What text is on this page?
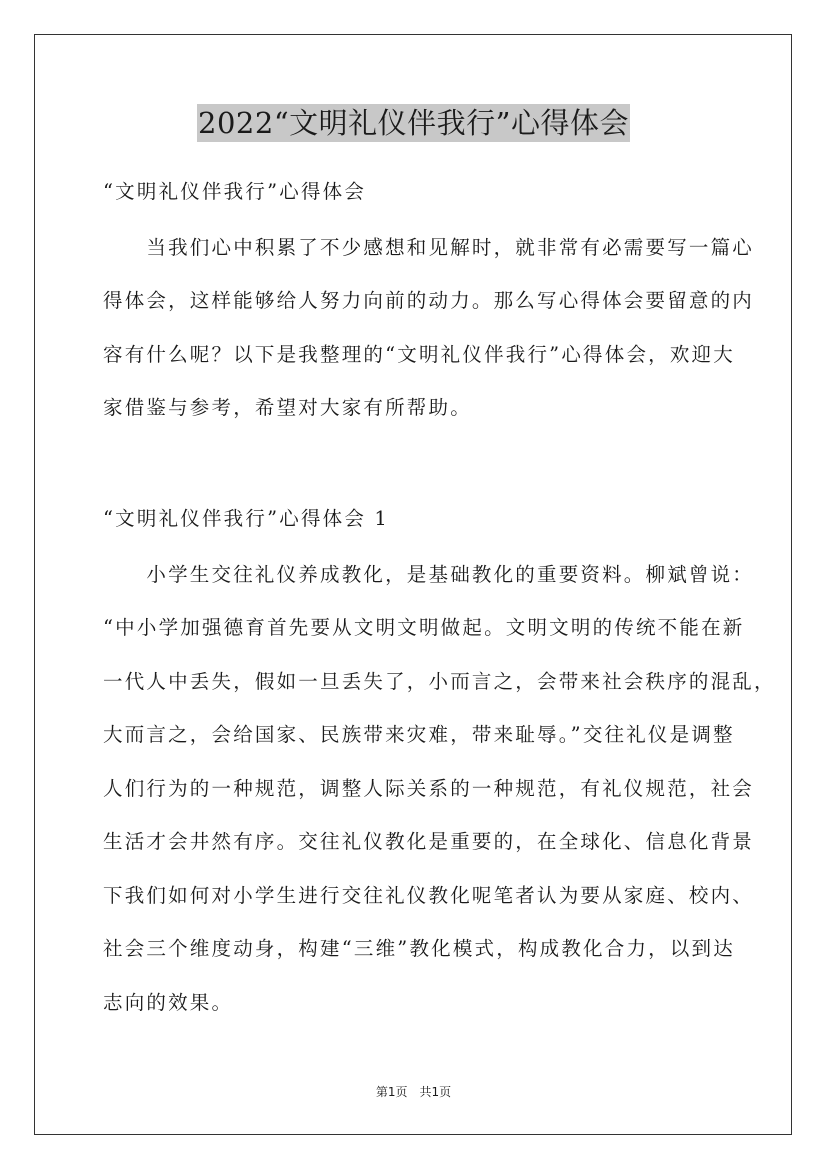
2022“文明礼仪伴我行”心得体会
“文明礼仪伴我行”心得体会
　　当我们心中积累了不少感想和见解时，就非常有必需要写一篇心
得体会，这样能够给人努力向前的动力。那么写心得体会要留意的内
容有什么呢？以下是我整理的“文明礼仪伴我行”心得体会，欢迎大
家借鉴与参考，希望对大家有所帮助。
“文明礼仪伴我行”心得体会 1
　　小学生交往礼仪养成教化，是基础教化的重要资料。柳斌曾说：
“中小学加强德育首先要从文明文明做起。文明文明的传统不能在新
一代人中丢失，假如一旦丢失了，小而言之，会带来社会秩序的混乱，
大而言之，会给国家、民族带来灾难，带来耻辱。”交往礼仪是调整
人们行为的一种规范，调整人际关系的一种规范，有礼仪规范，社会
生活才会井然有序。交往礼仪教化是重要的，在全球化、信息化背景
下我们如何对小学生进行交往礼仪教化呢笔者认为要从家庭、校内、
社会三个维度动身，构建“三维”教化模式，构成教化合力，以到达
志向的效果。
第1页　共1页
